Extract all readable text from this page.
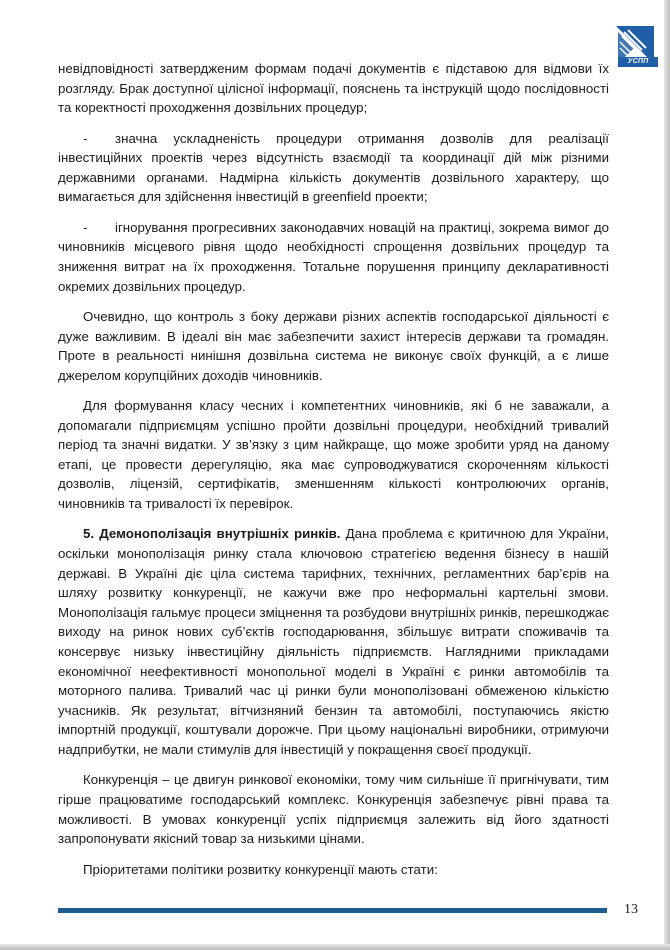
УСПП

невідповідності затвердженим формам подачі документів є підставою для відмови їх розгляду. Брак доступної цілісної інформації, пояснень та інструкцій щодо послідовності та коректності проходження дозвільних процедур;

- значна ускладненість процедури отримання дозволів для реалізації інвестиційних проектів через відсутність взаємодії та координації дій між різними державними органами. Надмірна кількість документів дозвільного характеру, що вимагається для здійснення інвестицій в greenfield проекти;

- ігнорування прогресивних законодавчих новацій на практиці, зокрема вимог до чиновників місцевого рівня щодо необхідності спрощення дозвільних процедур та зниження витрат на їх проходження. Тотальне порушення принципу декларативності окремих дозвільних процедур.

Очевидно, що контроль з боку держави різних аспектів господарської діяльності є дуже важливим. В ідеалі він має забезпечити захист інтересів держави та громадян. Проте в реальності нинішня дозвільна система не виконує своїх функцій, а є лише джерелом корупційних доходів чиновників.

Для формування класу чесних і компетентних чиновників, які б не заважали, а допомагали підприємцям успішно пройти дозвільні процедури, необхідний тривалий період та значні видатки. У зв’язку з цим найкраще, що може зробити уряд на даному етапі, це провести дерегуляцію, яка має супроводжуватися скороченням кількості дозволів, ліцензій, сертифікатів, зменшенням кількості контролюючих органів, чиновників та тривалості їх перевірок.

5. Демонополізація внутрішніх ринків. Дана проблема є критичною для України, оскільки монополізація ринку стала ключовою стратегією ведення бізнесу в нашій державі. В Україні діє ціла система тарифних, технічних, регламентних бар’єрів на шляху розвитку конкуренції, не кажучи вже про неформальні картельні змови. Монополізація гальмує процеси зміцнення та розбудови внутрішніх ринків, перешкоджає виходу на ринок нових суб’єктів господарювання, збільшує витрати споживачів та консервує низьку інвестиційну діяльність підприємств. Наглядними прикладами економічної неефективності монопольної моделі в Україні є ринки автомобілів та моторного палива. Тривалий час ці ринки були монополізовані обмеженою кількістю учасників. Як результат, вітчизняний бензин та автомобілі, поступаючись якістю імпортній продукції, коштували дорожче. При цьому національні виробники, отримуючи надприбутки, не мали стимулів для інвестицій у покращення своєї продукції.

Конкуренція – це двигун ринкової економіки, тому чим сильніше її пригнічувати, тим гірше працюватиме господарський комплекс. Конкуренція забезпечує рівні права та можливості. В умовах конкуренції успіх підприємця залежить від його здатності запропонувати якісний товар за низькими цінами.

Пріоритетами політики розвитку конкуренції мають стати:

13
